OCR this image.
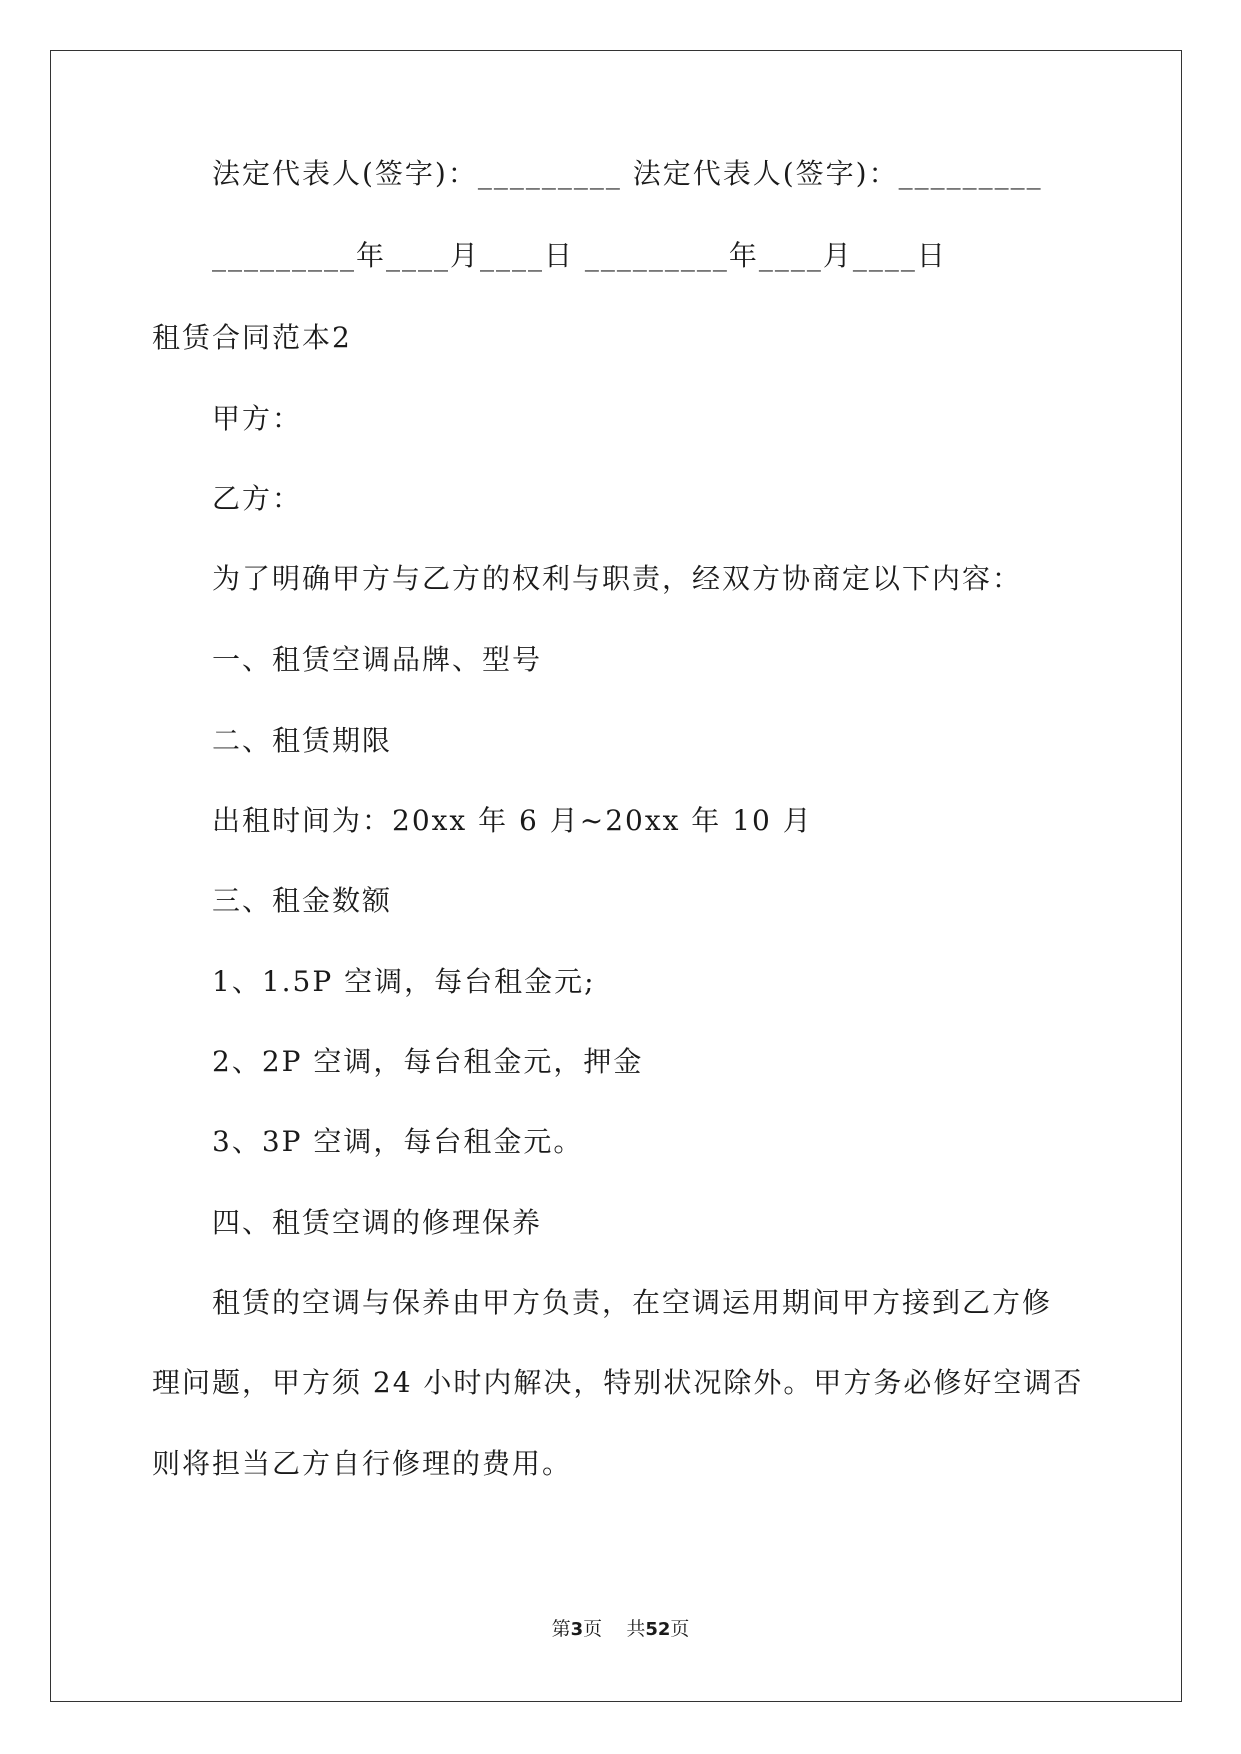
法定代表人(签字)：_________ 法定代表人(签字)：_________
_________年____月____日 _________年____月____日
租赁合同范本2
甲方：
乙方：
为了明确甲方与乙方的权利与职责，经双方协商定以下内容：
一、租赁空调品牌、型号
二、租赁期限
出租时间为：20xx 年 6 月~20xx 年 10 月
三、租金数额
1、1.5P 空调，每台租金元;
2、2P 空调，每台租金元，押金
3、3P 空调，每台租金元。
四、租赁空调的修理保养
租赁的空调与保养由甲方负责，在空调运用期间甲方接到乙方修
理问题，甲方须 24 小时内解决，特别状况除外。甲方务必修好空调否
则将担当乙方自行修理的费用。
第3页 共52页
